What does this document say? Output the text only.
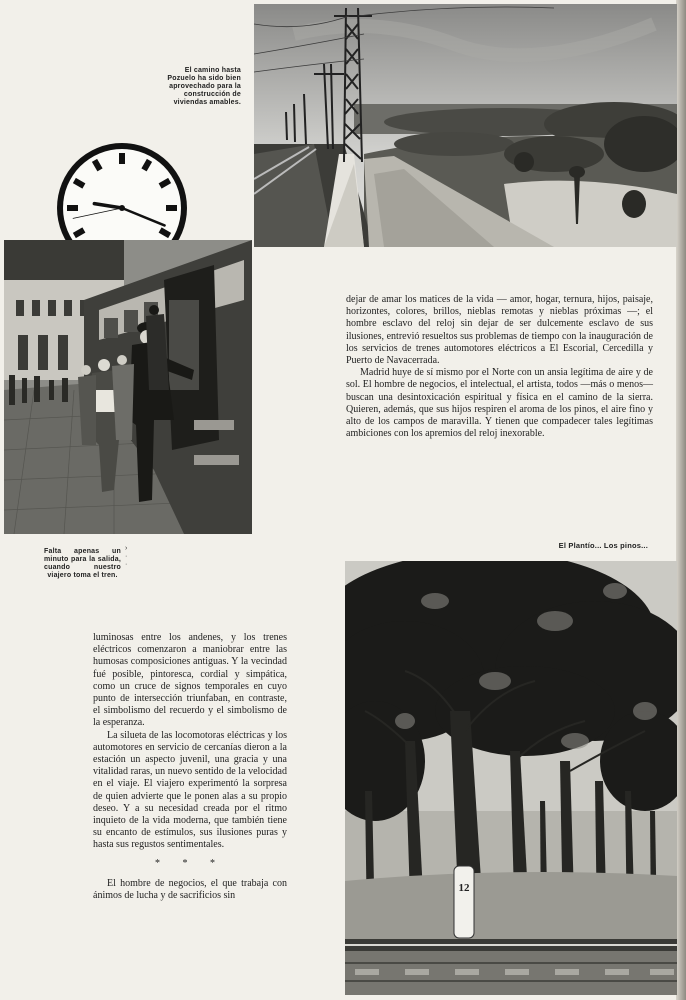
El camino hasta Pozuelo ha sido bien aprovechado para la construcción de viviendas amables.
Falta apenas un minuto para la salida, cuando nuestro viajero toma el tren.
›
·
·

dejar de amar los matices de la vida — amor, hogar, ternura, hijos, paisaje, horizontes, colores, brillos, nieblas remotas y nieblas próximas —; el hombre esclavo del reloj sin dejar de ser dulcemente esclavo de sus ilusiones, entrevió resueltos sus problemas de tiempo con la inauguración de los servicios de trenes automotores eléctricos a El Escorial, Cercedilla y Puerto de Navacerrada.

Madrid huye de sí mismo por el Norte con un ansia legítima de aire y de sol. El hombre de negocios, el intelectual, el artista, todos —más o menos— buscan una desintoxicación espiritual y física en el camino de la sierra. Quieren, además, que sus hijos respiren el aroma de los pinos, el aire fino y alto de los campos de maravilla. Y tienen que compadecer tales legítimas ambiciones con los apremios del reloj inexorable.

El Plantío... Los pinos...
12

luminosas entre los andenes, y los trenes eléctricos comenzaron a maniobrar entre las humosas composiciones antiguas. Y la vecindad fué posible, pintoresca, cordial y simpática, como un cruce de signos temporales en cuyo punto de intersección triunfaban, en contraste, el simbolismo del recuerdo y el simbolismo de la esperanza.

La silueta de las locomotoras eléctricas y los automotores en servicio de cercanías dieron a la estación un aspecto juvenil, una gracia y una vitalidad raras, un nuevo sentido de la velocidad en el viaje. El viajero experimentó la sorpresa de quien advierte que le ponen alas a su propio deseo. Y a su necesidad creada por el ritmo inquieto de la vida moderna, que también tiene su encanto de estímulos, sus ilusiones puras y hasta sus regustos sentimentales.

* * *

El hombre de negocios, el que trabaja con ánimos de lucha y de sacrificios sin
